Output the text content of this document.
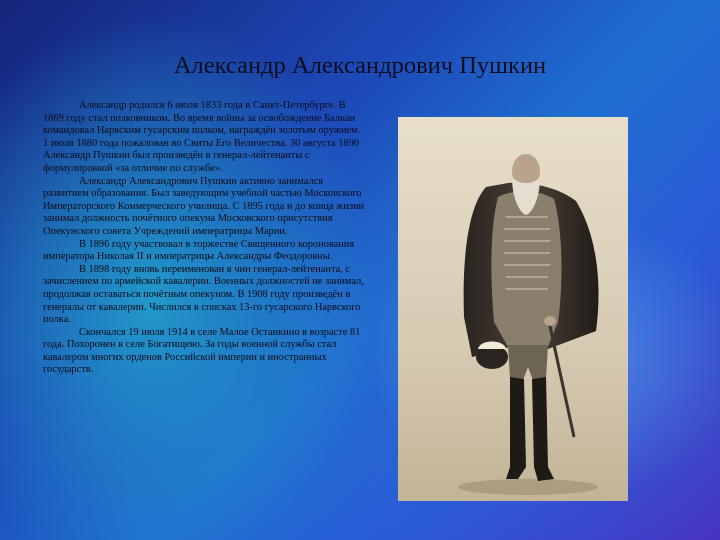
Александр Александрович Пушкин

Александр родился 6 июля 1833 года в Санкт-Петербурге. В 1869 году стал полковником. Во время войны за освобождение Балкан командовал Нарвским гусарским полком, награждён золотым оружием. 1 июля 1880 года пожалован во Свиты Его Величества. 30 августа 1890 Александр Пушкин был произведён в генерал-лейтенанты с формулировкой «за отличие по службе».

Александр Александрович Пушкин активно занимался развитием образования. Был заведующим учебной частью Московского Императорского Коммерческого училища. С 1895 года и до конца жизни занимал должность почётного опекуна Московского присутствия Опекунского совета Учреждений императрицы Марии.

В 1896 году участвовал в торжестве Священного коронования императора Николая II и императрицы Александры Феодоровны.

В 1898 году вновь переименован в чин генерал-лейтенанта, с зачислением по армейской кавалерии. Военных должностей не занимал, продолжая оставаться почётным опекуном. В 1908 году произведён в генералы от кавалерии. Числился в списках 13-го гусарского Нарвского полка.

Скончался 19 июля 1914 в селе Малое Останкино в возрасте 81 года. Похоронен в селе Богатищево. За годы военной службы стал кавалером многих орденов Российской империи и иностранных государств.
